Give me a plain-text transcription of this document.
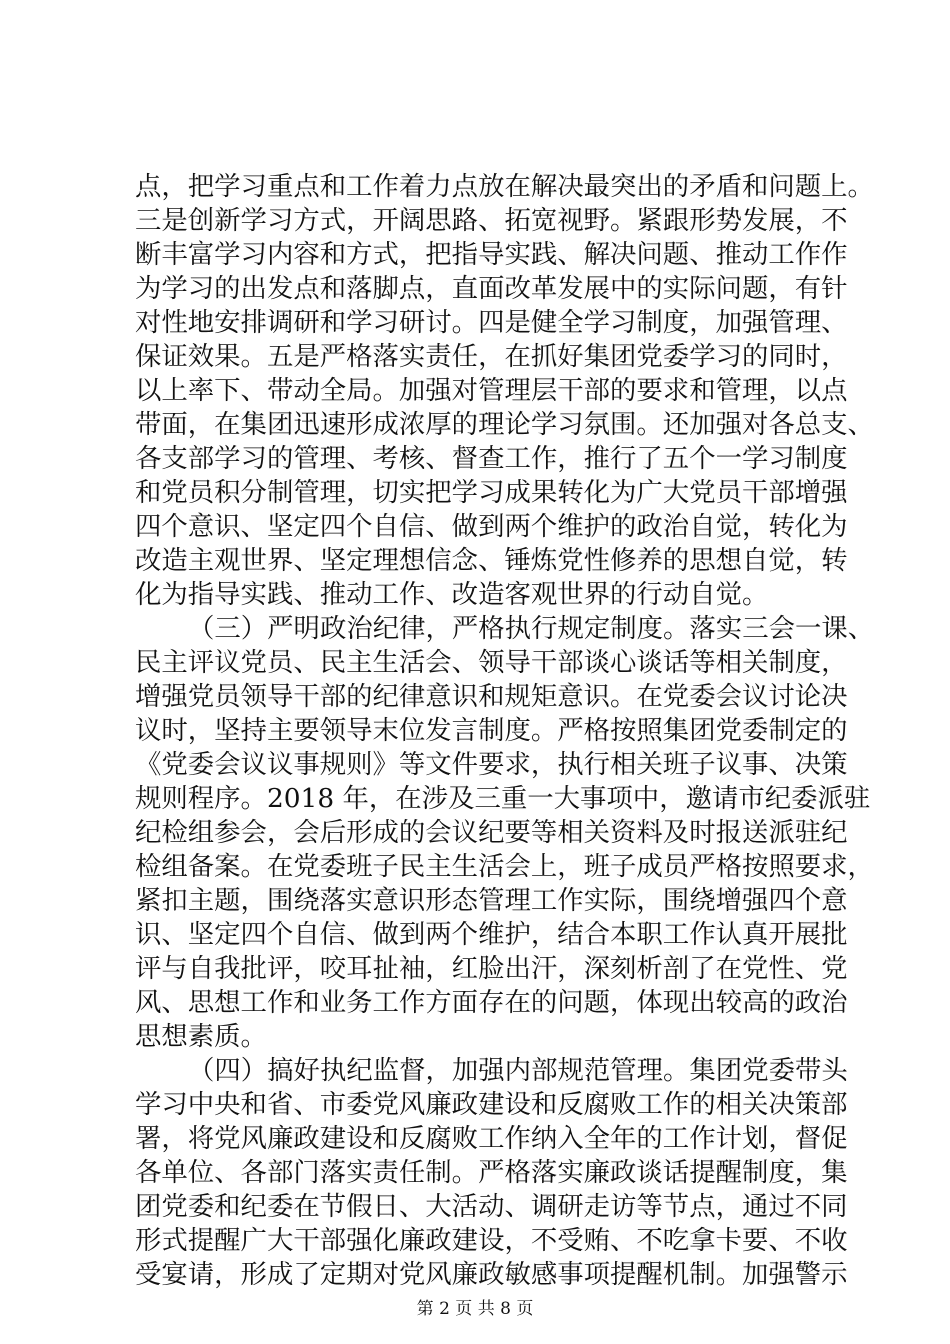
点，把学习重点和工作着力点放在解决最突出的矛盾和问题上。
三是创新学习方式，开阔思路、拓宽视野。紧跟形势发展，不
断丰富学习内容和方式，把指导实践、解决问题、推动工作作
为学习的出发点和落脚点，直面改革发展中的实际问题，有针
对性地安排调研和学习研讨。四是健全学习制度，加强管理、
保证效果。五是严格落实责任，在抓好集团党委学习的同时，
以上率下、带动全局。加强对管理层干部的要求和管理，以点
带面，在集团迅速形成浓厚的理论学习氛围。还加强对各总支、
各支部学习的管理、考核、督查工作，推行了五个一学习制度
和党员积分制管理，切实把学习成果转化为广大党员干部增强
四个意识、坚定四个自信、做到两个维护的政治自觉，转化为
改造主观世界、坚定理想信念、锤炼党性修养的思想自觉，转
化为指导实践、推动工作、改造客观世界的行动自觉。
（三）严明政治纪律，严格执行规定制度。落实三会一课、
民主评议党员、民主生活会、领导干部谈心谈话等相关制度，
增强党员领导干部的纪律意识和规矩意识。在党委会议讨论决
议时，坚持主要领导末位发言制度。严格按照集团党委制定的
《党委会议议事规则》等文件要求，执行相关班子议事、决策
规则程序。2018 年，在涉及三重一大事项中，邀请市纪委派驻
纪检组参会，会后形成的会议纪要等相关资料及时报送派驻纪
检组备案。在党委班子民主生活会上，班子成员严格按照要求，
紧扣主题，围绕落实意识形态管理工作实际，围绕增强四个意
识、坚定四个自信、做到两个维护，结合本职工作认真开展批
评与自我批评，咬耳扯袖，红脸出汗，深刻析剖了在党性、党
风、思想工作和业务工作方面存在的问题，体现出较高的政治
思想素质。
（四）搞好执纪监督，加强内部规范管理。集团党委带头
学习中央和省、市委党风廉政建设和反腐败工作的相关决策部
署，将党风廉政建设和反腐败工作纳入全年的工作计划，督促
各单位、各部门落实责任制。严格落实廉政谈话提醒制度，集
团党委和纪委在节假日、大活动、调研走访等节点，通过不同
形式提醒广大干部强化廉政建设，不受贿、不吃拿卡要、不收
受宴请，形成了定期对党风廉政敏感事项提醒机制。加强警示
第 2 页 共 8 页
